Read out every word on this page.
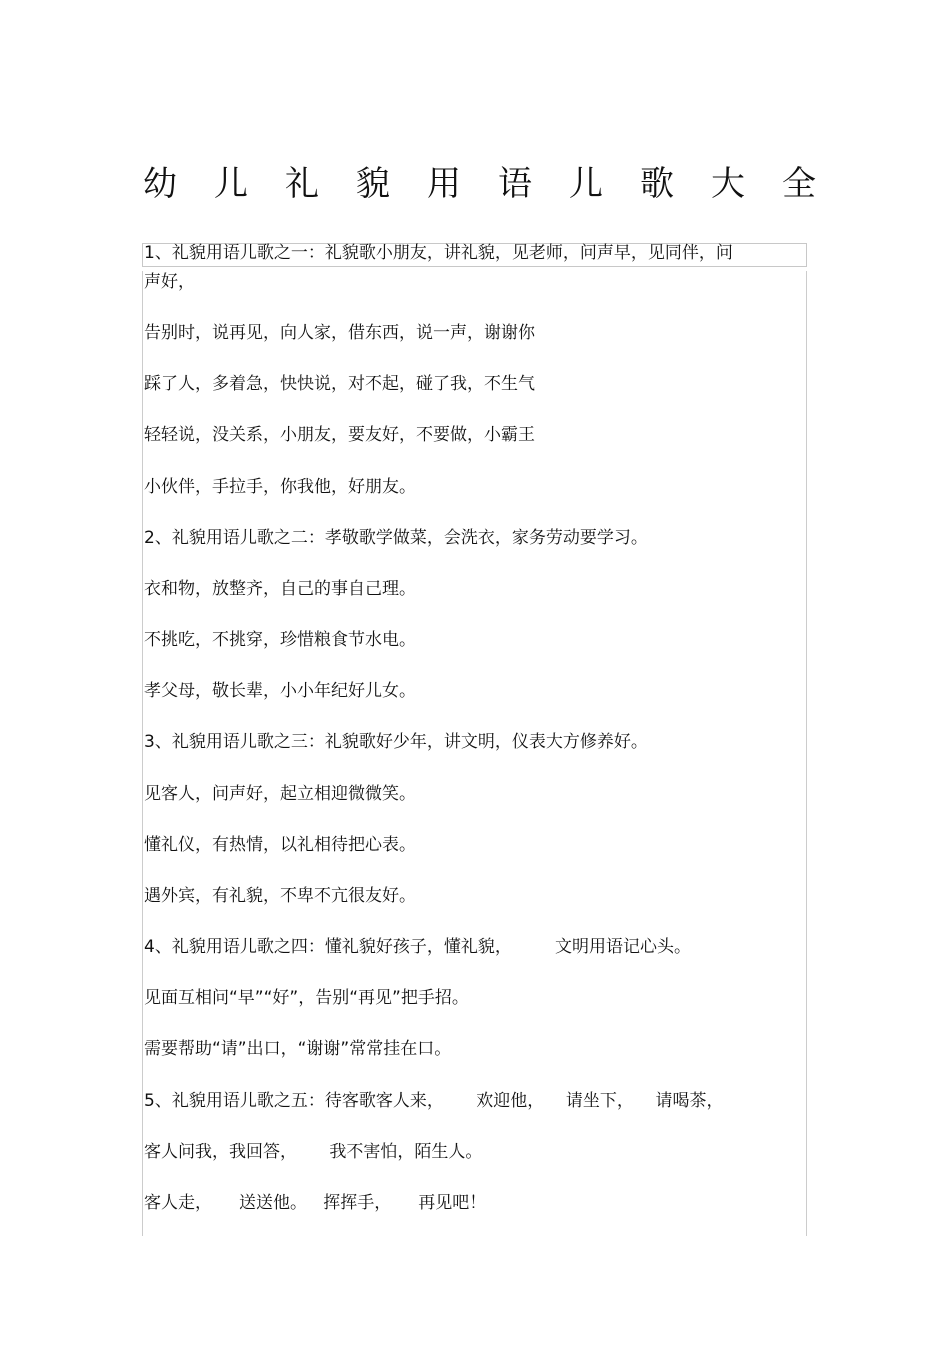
幼儿礼貌用语儿歌大全
1、礼貌用语儿歌之一：礼貌歌小朋友，讲礼貌，见老师，问声早，见同伴，问
声好，
告别时，说再见，向人家，借东西，说一声，谢谢你
踩了人，多着急，快快说，对不起，碰了我，不生气
轻轻说，没关系，小朋友，要友好，不要做，小霸王
小伙伴，手拉手，你我他，好朋友。
2、礼貌用语儿歌之二：孝敬歌学做菜，会洗衣，家务劳动要学习。
衣和物，放整齐，自己的事自己理。
不挑吃，不挑穿，珍惜粮食节水电。
孝父母，敬长辈，小小年纪好儿女。
3、礼貌用语儿歌之三：礼貌歌好少年，讲文明，仪表大方修养好。
见客人，问声好，起立相迎微微笑。
懂礼仪，有热情，以礼相待把心表。
遇外宾，有礼貌，不卑不亢很友好。
4、礼貌用语儿歌之四：懂礼貌好孩子，懂礼貌，        文明用语记心头。
见面互相问“早”“好”，告别“再见”把手招。
需要帮助“请”出口，“谢谢”常常挂在口。
5、礼貌用语儿歌之五：待客歌客人来，      欢迎他，    请坐下，    请喝茶，
客人问我，我回答，      我不害怕，陌生人。
客人走，     送送他。   挥挥手，     再见吧！
